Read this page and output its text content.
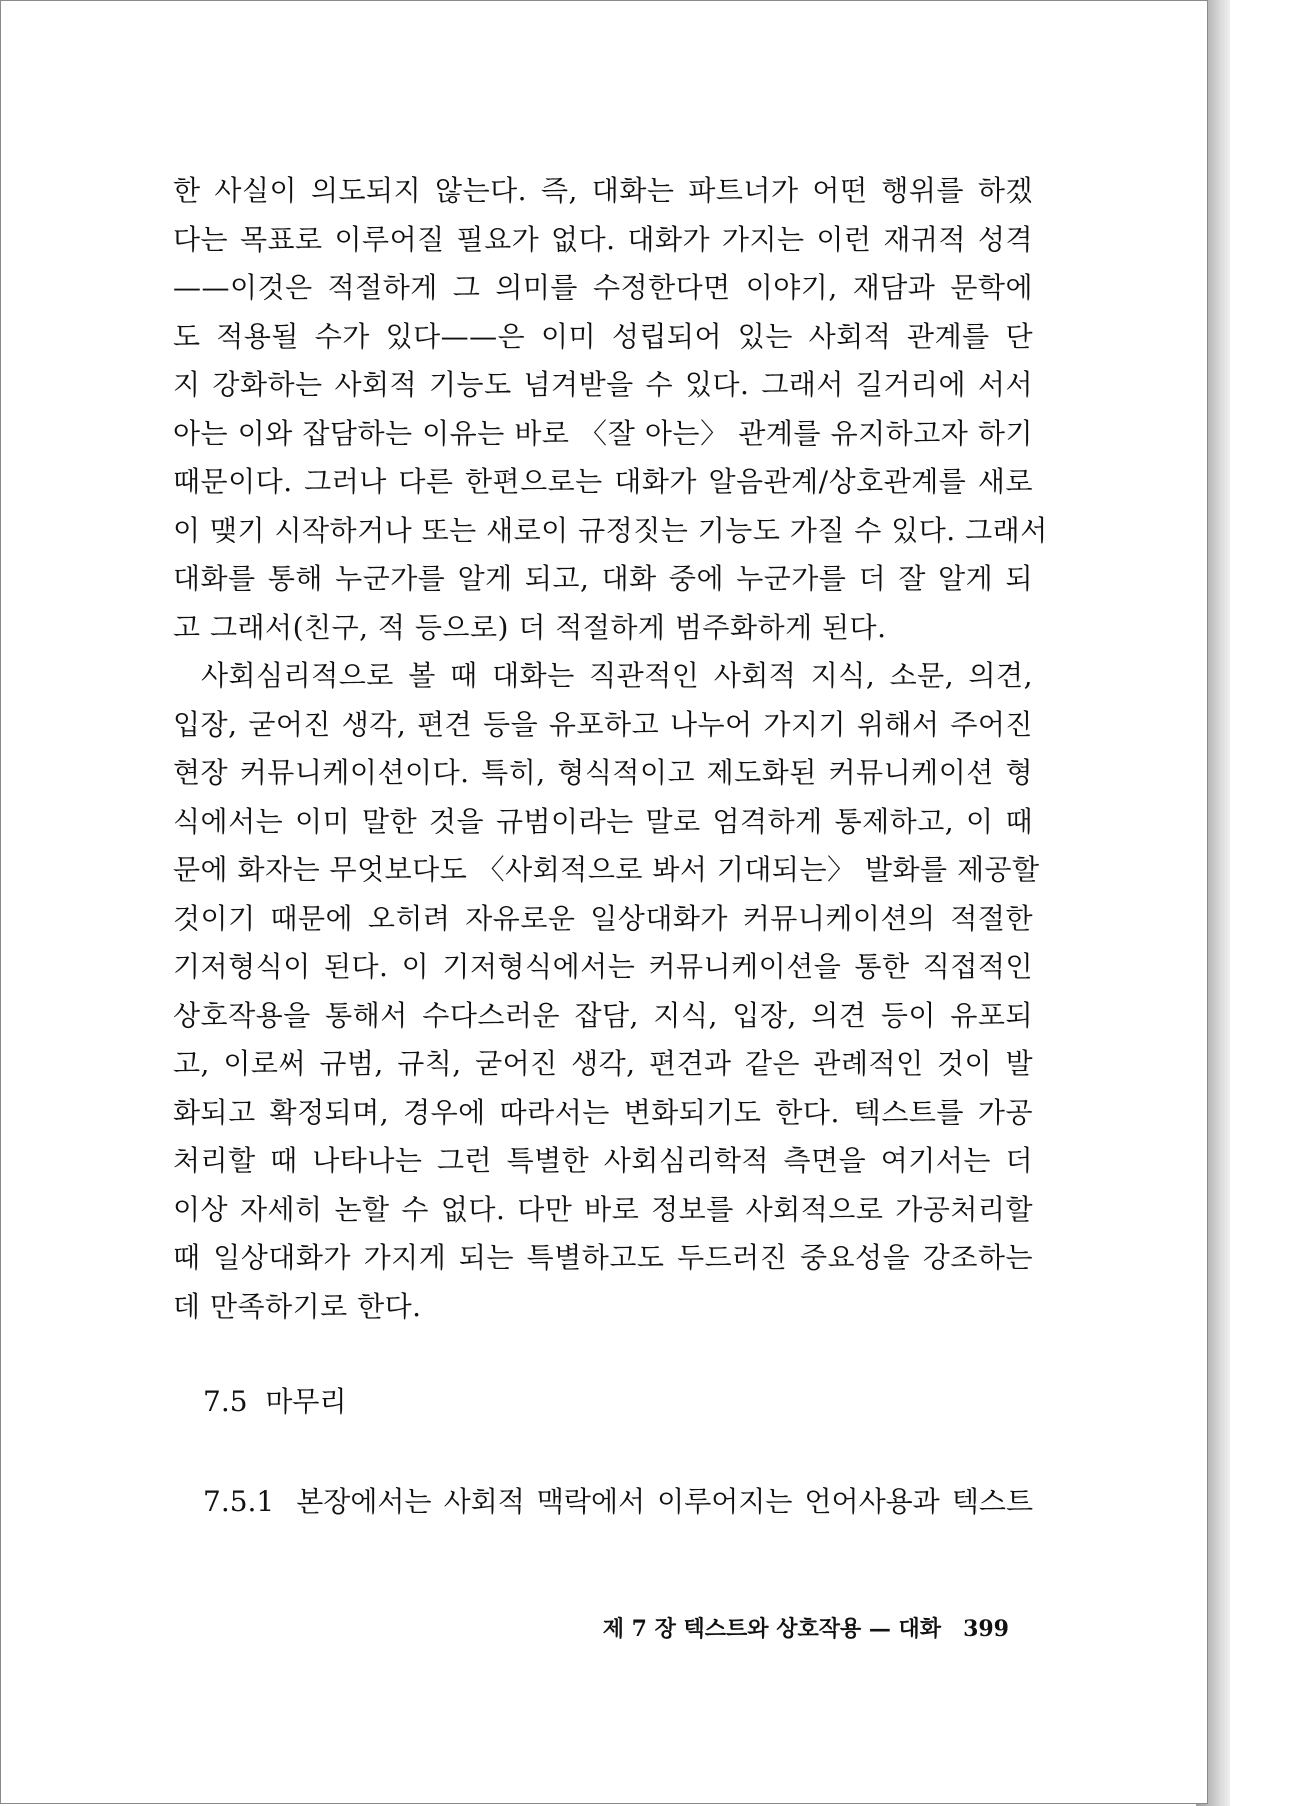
한 사실이 의도되지 않는다. 즉, 대화는 파트너가 어떤 행위를 하겠
다는 목표로 이루어질 필요가 없다. 대화가 가지는 이런 재귀적 성격
——이것은 적절하게 그 의미를 수정한다면 이야기, 재담과 문학에
도 적용될 수가 있다——은 이미 성립되어 있는 사회적 관계를 단
지 강화하는 사회적 기능도 넘겨받을 수 있다. 그래서 길거리에 서서
아는 이와 잡담하는 이유는 바로 〈잘 아는〉 관계를 유지하고자 하기
때문이다. 그러나 다른 한편으로는 대화가 알음관계/상호관계를 새로
이 맺기 시작하거나 또는 새로이 규정짓는 기능도 가질 수 있다. 그래서
대화를 통해 누군가를 알게 되고, 대화 중에 누군가를 더 잘 알게 되
고 그래서(친구, 적 등으로) 더 적절하게 범주화하게 된다.
사회심리적으로 볼 때 대화는 직관적인 사회적 지식, 소문, 의견,
입장, 굳어진 생각, 편견 등을 유포하고 나누어 가지기 위해서 주어진
현장 커뮤니케이션이다. 특히, 형식적이고 제도화된 커뮤니케이션 형
식에서는 이미 말한 것을 규범이라는 말로 엄격하게 통제하고, 이 때
문에 화자는 무엇보다도 〈사회적으로 봐서 기대되는〉 발화를 제공할
것이기 때문에 오히려 자유로운 일상대화가 커뮤니케이션의 적절한
기저형식이 된다. 이 기저형식에서는 커뮤니케이션을 통한 직접적인
상호작용을 통해서 수다스러운 잡담, 지식, 입장, 의견 등이 유포되
고, 이로써 규범, 규칙, 굳어진 생각, 편견과 같은 관례적인 것이 발
화되고 확정되며, 경우에 따라서는 변화되기도 한다. 텍스트를 가공
처리할 때 나타나는 그런 특별한 사회심리학적 측면을 여기서는 더
이상 자세히 논할 수 없다. 다만 바로 정보를 사회적으로 가공처리할
때 일상대화가 가지게 되는 특별하고도 두드러진 중요성을 강조하는
데 만족하기로 한다.
7.5 마무리
7.5.1 본장에서는 사회적 맥락에서 이루어지는 언어사용과 텍스트
제 7 장 텍스트와 상호작용 — 대화 399
